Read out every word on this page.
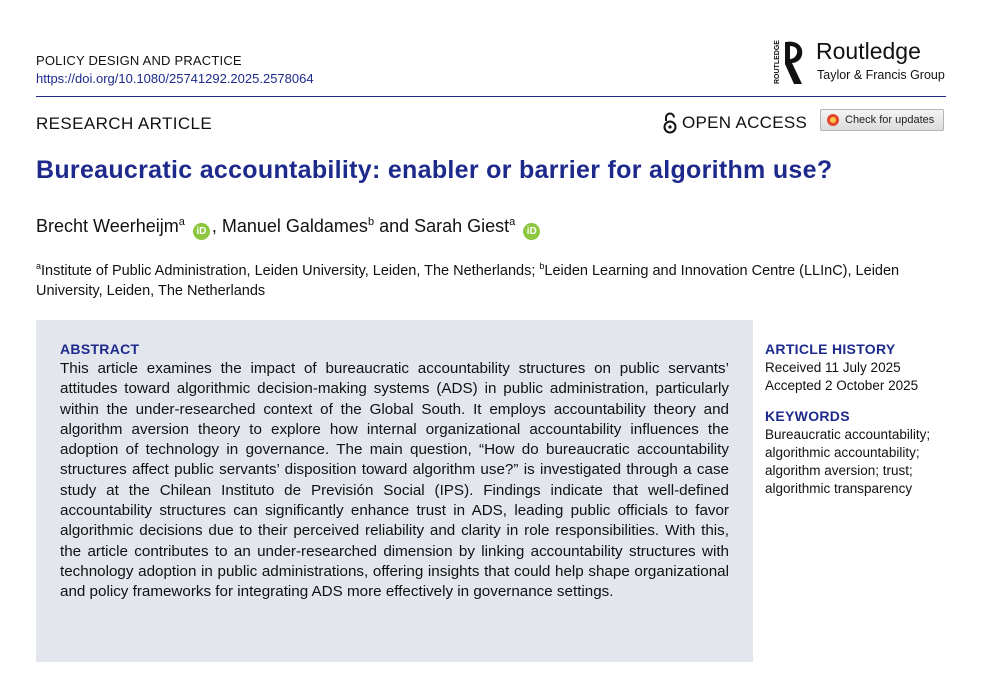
POLICY DESIGN AND PRACTICE
https://doi.org/10.1080/25741292.2025.2578064	ROUTLEDGE Routledge
Taylor & Francis Group
RESEARCH ARTICLE	OPEN ACCESS	Check for updates
Bureaucratic accountability: enabler or barrier for algorithm use?
Brecht Weerheijm$^a$iD , Manuel Galdames$^b$ and Sarah Giest$^a$iD
$^a$Institute of Public Administration, Leiden University, Leiden, The Netherlands; $^b$Leiden Learning and Innovation Centre (LLInC), Leiden University, Leiden, The Netherlands
ABSTRACT
This article examines the impact of bureaucratic accountability structures on public servants’ attitudes toward algorithmic decision-making systems (ADS) in public administration, particularly within the under-researched context of the Global South. It employs accountability theory and algorithm aversion theory to explore how internal organizational accountability influences the adoption of technology in governance. The main question, “How do bureaucratic accountability structures affect public servants’ disposition toward algorithm use?” is investigated through a case study at the Chilean Instituto de Previsión Social (IPS). Findings indicate that well-defined accountability structures can significantly enhance trust in ADS, leading public officials to favor algorithmic decisions due to their perceived reliability and clarity in role responsibilities. With this, the article contributes to an under-researched dimension by linking accountability structures with technology adoption in public administrations, offering insights that could help shape organizational and policy frameworks for integrating ADS more effectively in governance settings.
ARTICLE HISTORY
Received 11 July 2025
Accepted 2 October 2025
KEYWORDS
Bureaucratic accountability;
algorithmic accountability;
algorithm aversion; trust;
algorithmic transparency
